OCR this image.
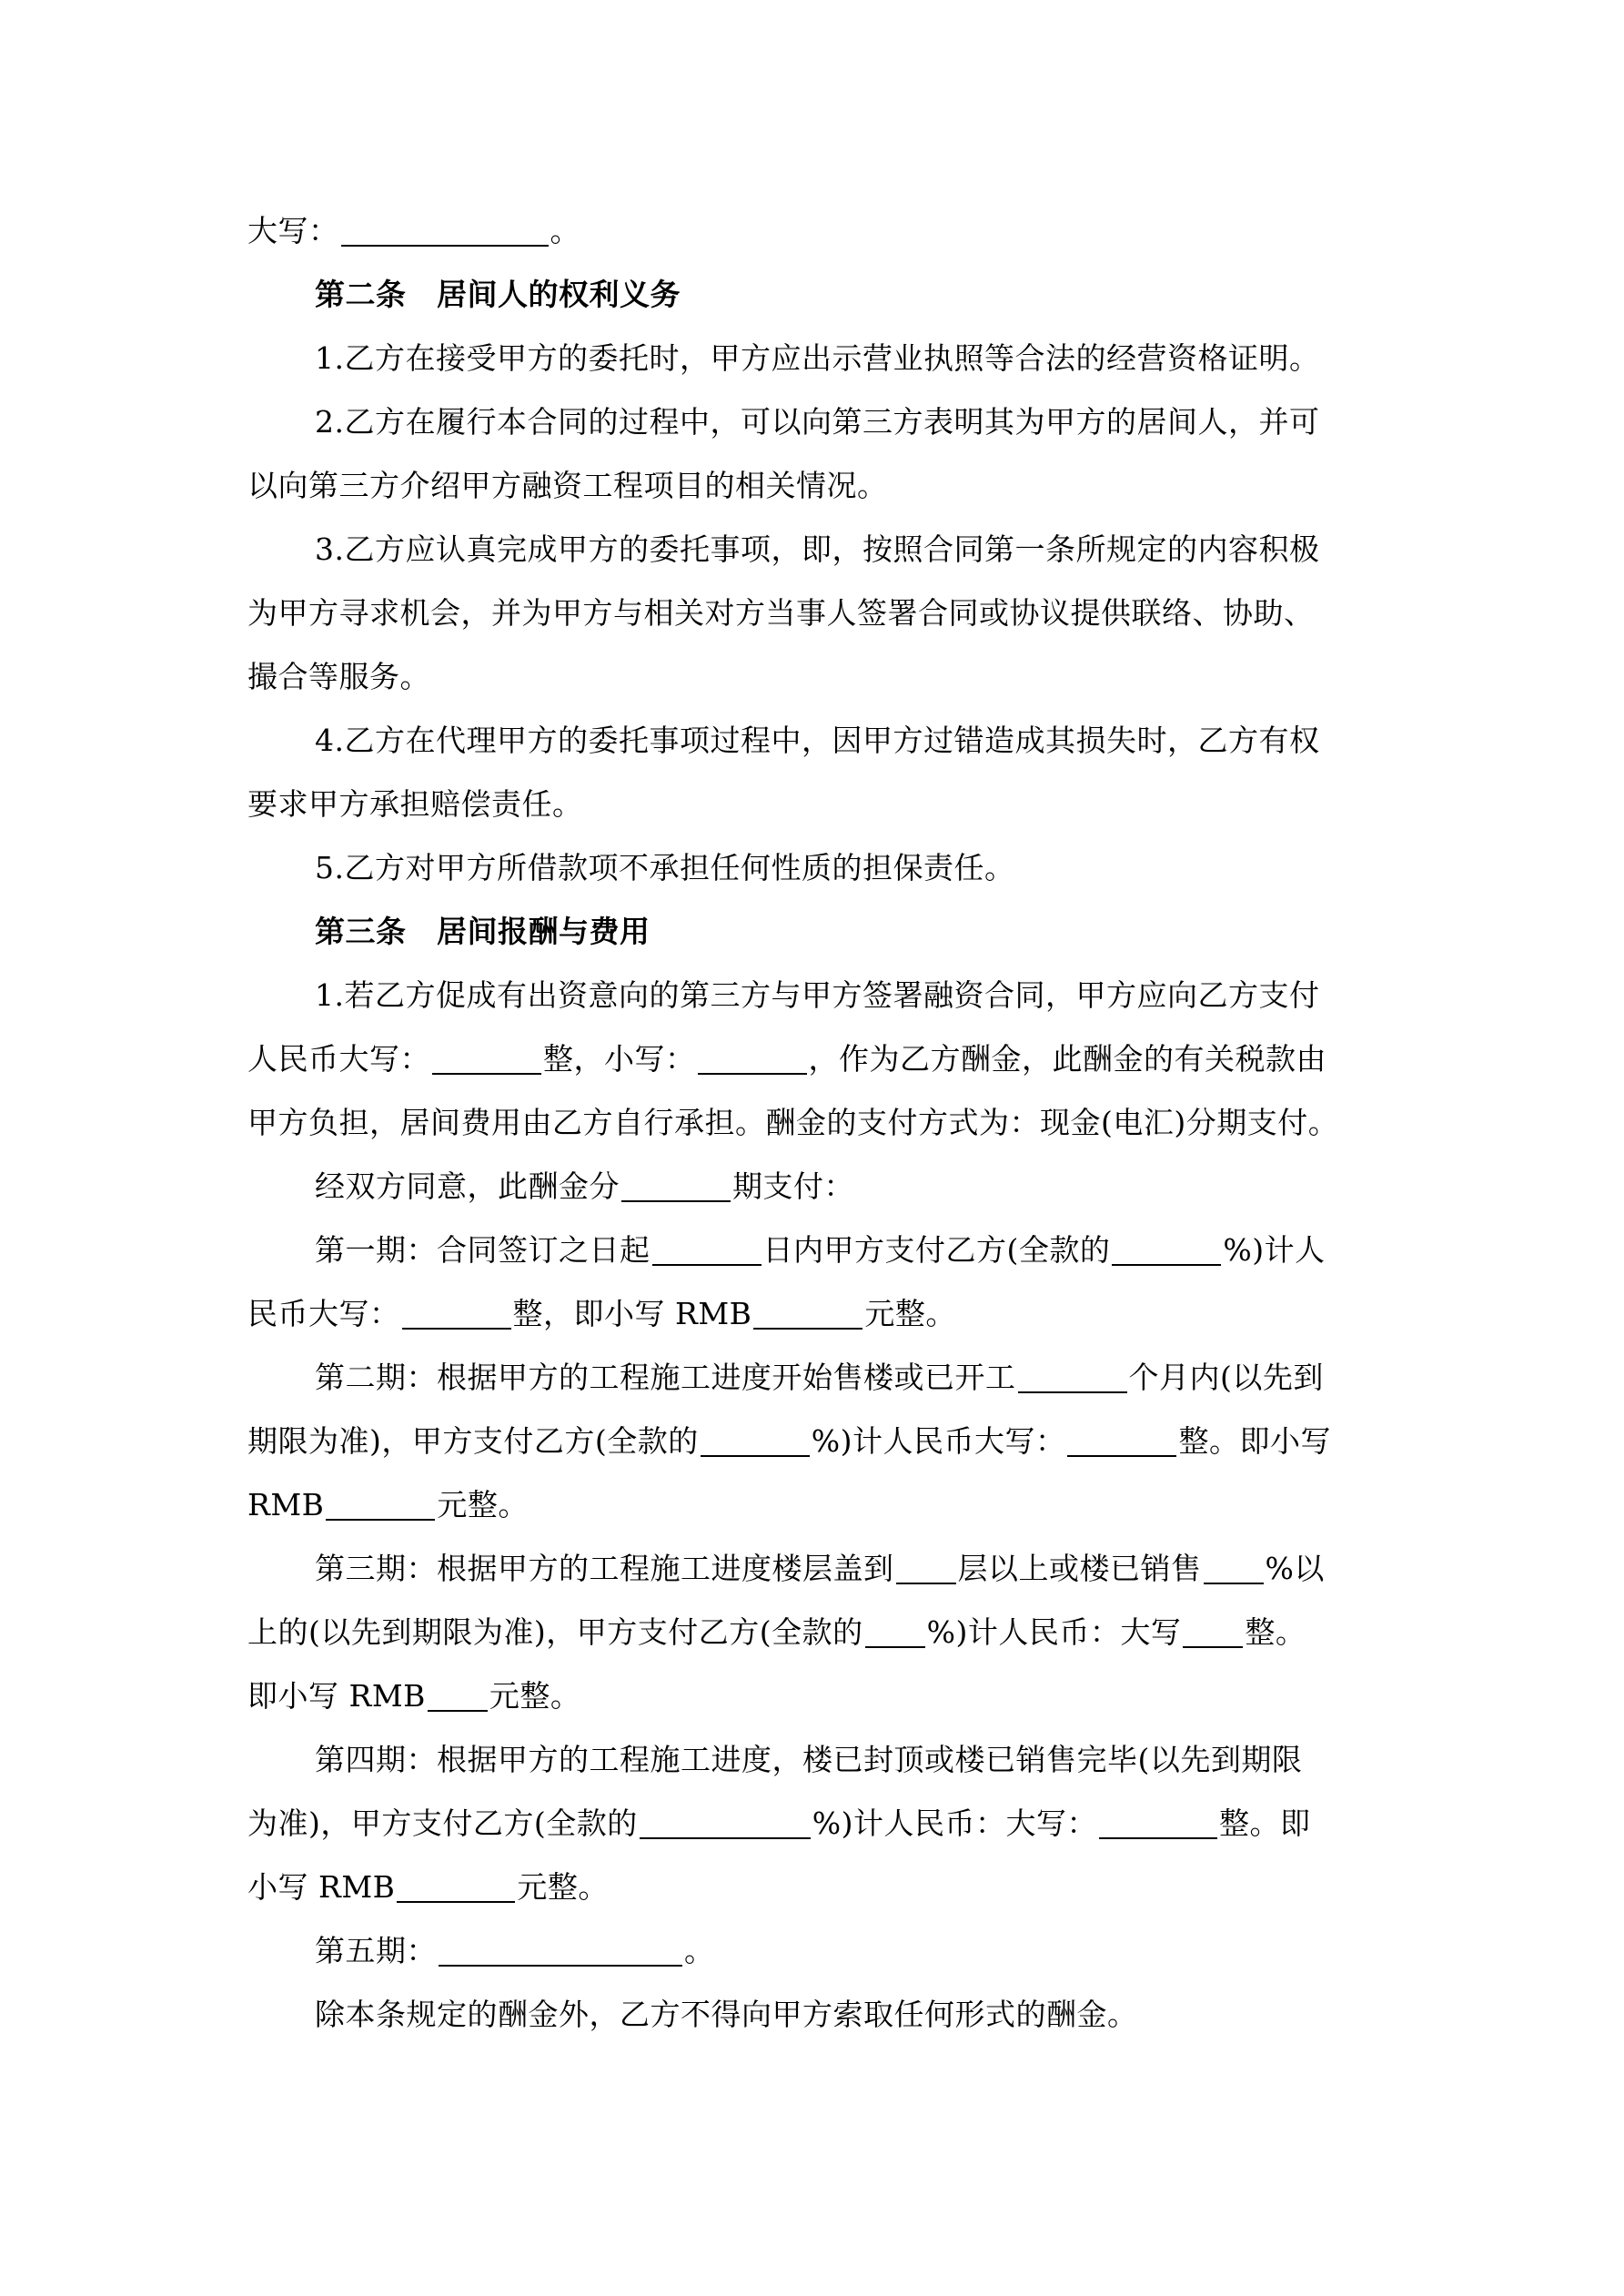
大写：	。
第二条　居间人的权利义务
1.乙方在接受甲方的委托时，甲方应出示营业执照等合法的经营资格证明。
2.乙方在履行本合同的过程中，可以向第三方表明其为甲方的居间人，并可
以向第三方介绍甲方融资工程项目的相关情况。
3.乙方应认真完成甲方的委托事项，即，按照合同第一条所规定的内容积极
为甲方寻求机会，并为甲方与相关对方当事人签署合同或协议提供联络、协助、
撮合等服务。
4.乙方在代理甲方的委托事项过程中，因甲方过错造成其损失时，乙方有权
要求甲方承担赔偿责任。
5.乙方对甲方所借款项不承担任何性质的担保责任。
第三条　居间报酬与费用
1.若乙方促成有出资意向的第三方与甲方签署融资合同，甲方应向乙方支付
人民币大写：	整，小写：	，作为乙方酬金，此酬金的有关税款由
甲方负担，居间费用由乙方自行承担。酬金的支付方式为：现金(电汇)分期支付。
经双方同意，此酬金分	期支付：
第一期：合同签订之日起	日内甲方支付乙方(全款的	%)计人
民币大写：	整，即小写 RMB	元整。
第二期：根据甲方的工程施工进度开始售楼或已开工	个月内(以先到
期限为准)，甲方支付乙方(全款的	%)计人民币大写：	整。即小写
RMB	元整。
第三期：根据甲方的工程施工进度楼层盖到 层以上或楼已销售 %以
上的(以先到期限为准)，甲方支付乙方(全款的 %)计人民币：大写 整。
即小写 RMB 元整。
第四期：根据甲方的工程施工进度，楼已封顶或楼已销售完毕(以先到期限
为准)，甲方支付乙方(全款的	%)计人民币：大写：	整。即
小写 RMB	元整。
第五期：	。
除本条规定的酬金外，乙方不得向甲方索取任何形式的酬金。
